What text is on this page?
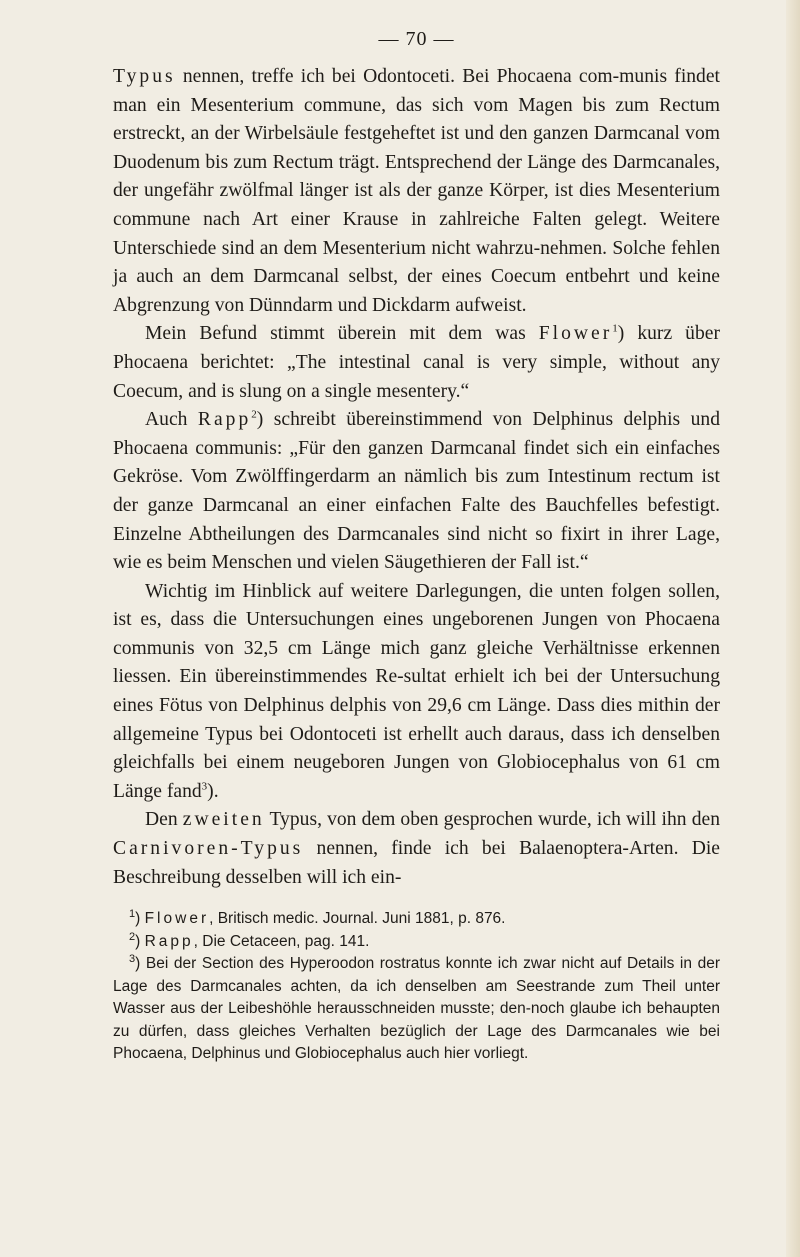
— 70 —

Typus nennen, treffe ich bei Odontoceti. Bei Phocaena com-munis findet man ein Mesenterium commune, das sich vom Magen bis zum Rectum erstreckt, an der Wirbelsäule festgeheftet ist und den ganzen Darmcanal vom Duodenum bis zum Rectum trägt. Entsprechend der Länge des Darmcanales, der ungefähr zwölfmal länger ist als der ganze Körper, ist dies Mesenterium commune nach Art einer Krause in zahlreiche Falten gelegt. Weitere Unterschiede sind an dem Mesenterium nicht wahrzu-nehmen. Solche fehlen ja auch an dem Darmcanal selbst, der eines Coecum entbehrt und keine Abgrenzung von Dünndarm und Dickdarm aufweist.

Mein Befund stimmt überein mit dem was Flower$^1$) kurz über Phocaena berichtet: „The intestinal canal is very simple, without any Coecum, and is slung on a single mesentery.“

Auch Rapp$^2$) schreibt übereinstimmend von Delphinus delphis und Phocaena communis: „Für den ganzen Darmcanal findet sich ein einfaches Gekröse. Vom Zwölffingerdarm an nämlich bis zum Intestinum rectum ist der ganze Darmcanal an einer einfachen Falte des Bauchfelles befestigt. Einzelne Abtheilungen des Darmcanales sind nicht so fixirt in ihrer Lage, wie es beim Menschen und vielen Säugethieren der Fall ist.“

Wichtig im Hinblick auf weitere Darlegungen, die unten folgen sollen, ist es, dass die Untersuchungen eines ungeborenen Jungen von Phocaena communis von 32,5 cm Länge mich ganz gleiche Verhältnisse erkennen liessen. Ein übereinstimmendes Re-sultat erhielt ich bei der Untersuchung eines Fötus von Delphinus delphis von 29,6 cm Länge. Dass dies mithin der allgemeine Typus bei Odontoceti ist erhellt auch daraus, dass ich denselben gleichfalls bei einem neugeboren Jungen von Globiocephalus von 61 cm Länge fand$^3$).

Den zweiten Typus, von dem oben gesprochen wurde, ich will ihn den Carnivoren-Typus nennen, finde ich bei Balaenoptera-Arten. Die Beschreibung desselben will ich ein-

$^1$) Flower, Britisch medic. Journal. Juni 1881, p. 876.

$^2$) Rapp, Die Cetaceen, pag. 141.

$^3$) Bei der Section des Hyperoodon rostratus konnte ich zwar nicht auf Details in der Lage des Darmcanales achten, da ich denselben am Seestrande zum Theil unter Wasser aus der Leibeshöhle herausschneiden musste; den-noch glaube ich behaupten zu dürfen, dass gleiches Verhalten bezüglich der Lage des Darmcanales wie bei Phocaena, Delphinus und Globiocephalus auch hier vorliegt.
